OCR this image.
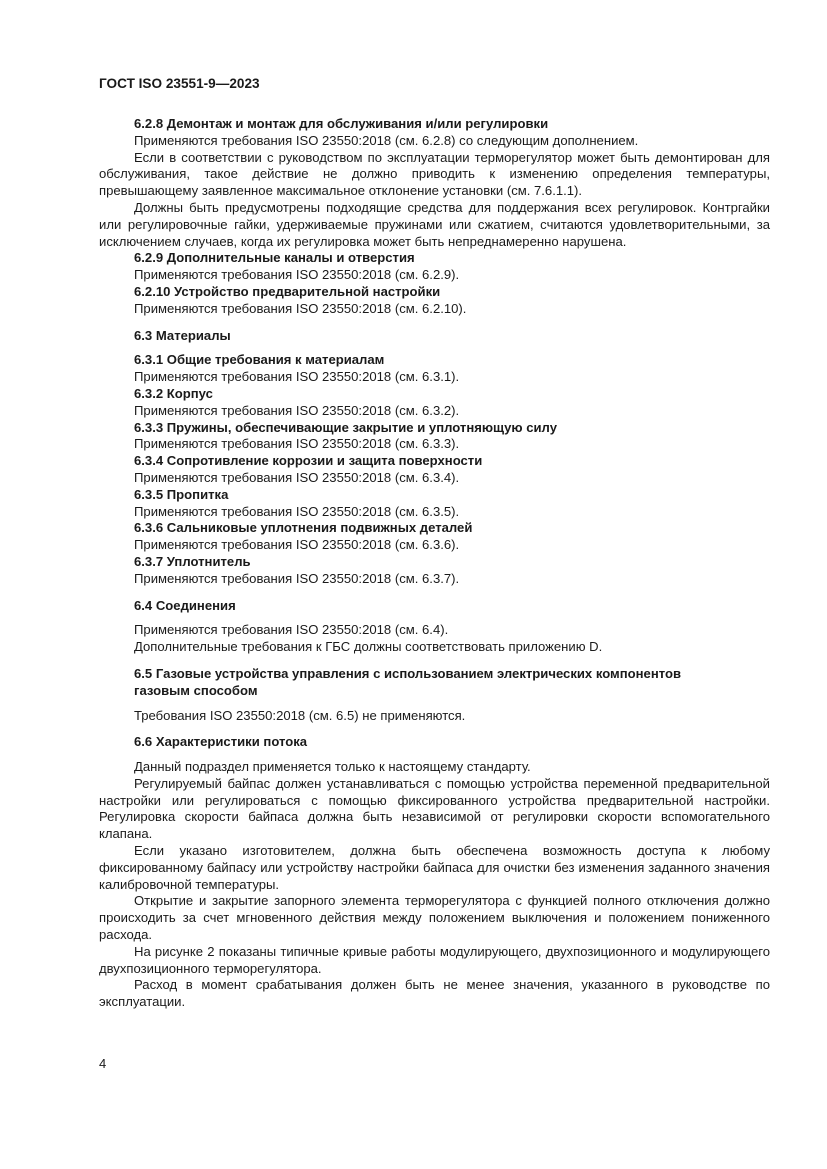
ГОСТ ISO 23551-9—2023

6.2.8 Демонтаж и монтаж для обслуживания и/или регулировки

Применяются требования ISO 23550:2018 (см. 6.2.8) со следующим дополнением.

Если в соответствии с руководством по эксплуатации терморегулятор может быть демонтирован для обслуживания, такое действие не должно приводить к изменению определения температуры, превышающему заявленное максимальное отклонение установки (см. 7.6.1.1).

Должны быть предусмотрены подходящие средства для поддержания всех регулировок. Контргайки или регулировочные гайки, удерживаемые пружинами или сжатием, считаются удовлетворительными, за исключением случаев, когда их регулировка может быть непреднамеренно нарушена.

6.2.9 Дополнительные каналы и отверстия

Применяются требования ISO 23550:2018 (см. 6.2.9).

6.2.10 Устройство предварительной настройки

Применяются требования ISO 23550:2018 (см. 6.2.10).

6.3 Материалы

6.3.1 Общие требования к материалам

Применяются требования ISO 23550:2018 (см. 6.3.1).

6.3.2 Корпус

Применяются требования ISO 23550:2018 (см. 6.3.2).

6.3.3 Пружины, обеспечивающие закрытие и уплотняющую силу

Применяются требования ISO 23550:2018 (см. 6.3.3).

6.3.4 Сопротивление коррозии и защита поверхности

Применяются требования ISO 23550:2018 (см. 6.3.4).

6.3.5 Пропитка

Применяются требования ISO 23550:2018 (см. 6.3.5).

6.3.6 Сальниковые уплотнения подвижных деталей

Применяются требования ISO 23550:2018 (см. 6.3.6).

6.3.7 Уплотнитель

Применяются требования ISO 23550:2018 (см. 6.3.7).

6.4 Соединения

Применяются требования ISO 23550:2018 (см. 6.4).

Дополнительные требования к ГБС должны соответствовать приложению D.

6.5 Газовые устройства управления с использованием электрических компонентов
газовым способом

Требования ISO 23550:2018 (см. 6.5) не применяются.

6.6 Характеристики потока

Данный подраздел применяется только к настоящему стандарту.

Регулируемый байпас должен устанавливаться с помощью устройства переменной предварительной настройки или регулироваться с помощью фиксированного устройства предварительной настройки. Регулировка скорости байпаса должна быть независимой от регулировки скорости вспомогательного клапана.

Если указано изготовителем, должна быть обеспечена возможность доступа к любому фиксированному байпасу или устройству настройки байпаса для очистки без изменения заданного значения калибровочной температуры.

Открытие и закрытие запорного элемента терморегулятора с функцией полного отключения должно происходить за счет мгновенного действия между положением выключения и положением пониженного расхода.

На рисунке 2 показаны типичные кривые работы модулирующего, двухпозиционного и модулирующего двухпозиционного терморегулятора.

Расход в момент срабатывания должен быть не менее значения, указанного в руководстве по эксплуатации.

4
